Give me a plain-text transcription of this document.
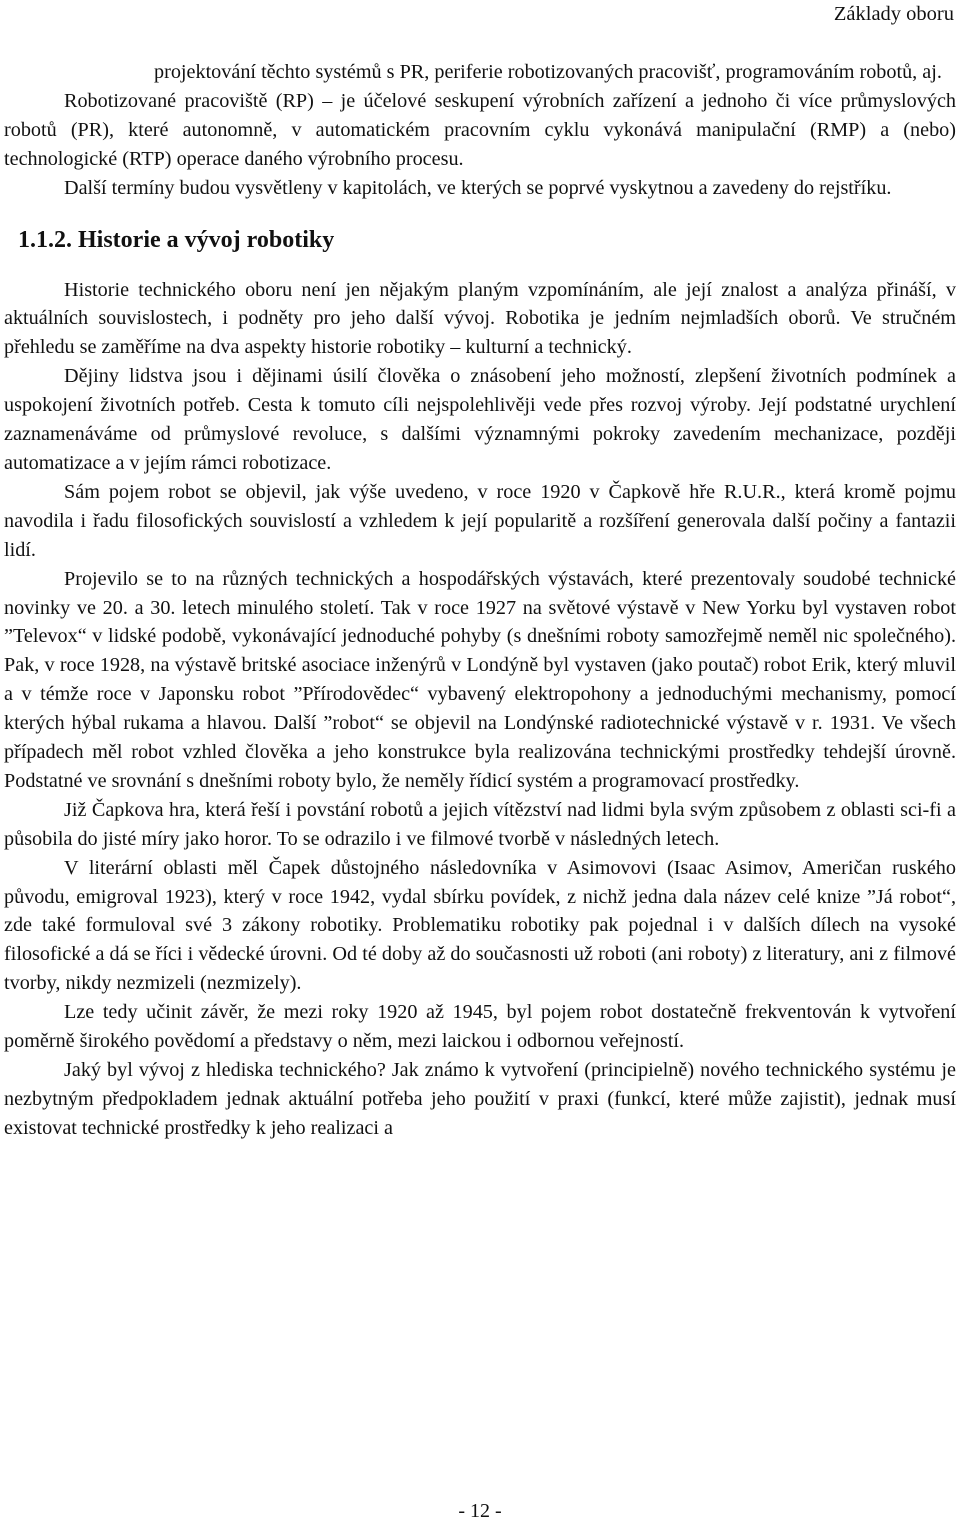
Základy oboru

projektování těchto systémů s PR, periferie robotizovaných pracovišť, programováním robotů, aj.

Robotizované pracoviště (RP) – je účelové seskupení výrobních zařízení a jednoho či více průmyslových robotů (PR), které autonomně, v automatickém pracovním cyklu vykonává manipulační (RMP) a (nebo) technologické (RTP) operace daného výrobního procesu.

Další termíny budou vysvětleny v kapitolách, ve kterých se poprvé vyskytnou a zavedeny do rejstříku.

1.1.2. Historie a vývoj robotiky

Historie technického oboru není jen nějakým planým vzpomínáním, ale její znalost a analýza přináší, v aktuálních souvislostech, i podněty pro jeho další vývoj. Robotika je jedním nejmladších oborů. Ve stručném přehledu se zaměříme na dva aspekty historie robotiky – kulturní a technický.

Dějiny lidstva jsou i dějinami úsilí člověka o znásobení jeho možností, zlepšení životních podmínek a uspokojení životních potřeb. Cesta k tomuto cíli nejspolehlivěji vede přes rozvoj výroby. Její podstatné urychlení zaznamenáváme od průmyslové revoluce, s dalšími významnými pokroky zavedením mechanizace, později automatizace a v jejím rámci robotizace.

Sám pojem robot se objevil, jak výše uvedeno, v roce 1920 v Čapkově hře R.U.R., která kromě pojmu navodila i řadu filosofických souvislostí a vzhledem k její popularitě a rozšíření generovala další počiny a fantazii lidí.

Projevilo se to na různých technických a hospodářských výstavách, které prezentovaly soudobé technické novinky ve 20. a 30. letech minulého století. Tak v roce 1927 na světové výstavě v New Yorku byl vystaven robot ”Televox“ v lidské podobě, vykonávající jednoduché pohyby (s dnešními roboty samozřejmě neměl nic společného). Pak, v roce 1928, na výstavě britské asociace inženýrů v Londýně byl vystaven (jako poutač) robot Erik, který mluvil a v témže roce v Japonsku robot ”Přírodovědec“ vybavený elektropohony a jednoduchými mechanismy, pomocí kterých hýbal rukama a hlavou. Další ”robot“ se objevil na Londýnské radiotechnické výstavě v r. 1931. Ve všech případech měl robot vzhled člověka a jeho konstrukce byla realizována technickými prostředky tehdejší úrovně. Podstatné ve srovnání s dnešními roboty bylo, že neměly řídicí systém a programovací prostředky.

Již Čapkova hra, která řeší i povstání robotů a jejich vítězství nad lidmi byla svým způsobem z oblasti sci-fi a působila do jisté míry jako horor. To se odrazilo i ve filmové tvorbě v následných letech.

V literární oblasti měl Čapek důstojného následovníka v Asimovovi (Isaac Asimov, Američan ruského původu, emigroval 1923), který v roce 1942, vydal sbírku povídek, z nichž jedna dala název celé knize ”Já robot“, zde také formuloval své 3 zákony robotiky. Problematiku robotiky pak pojednal i v dalších dílech na vysoké filosofické a dá se říci i vědecké úrovni. Od té doby až do současnosti už roboti (ani roboty) z literatury, ani z filmové tvorby, nikdy nezmizeli (nezmizely).

Lze tedy učinit závěr, že mezi roky 1920 až 1945, byl pojem robot dostatečně frekventován k vytvoření poměrně širokého povědomí a představy o něm, mezi laickou i odbornou veřejností.

Jaký byl vývoj z hlediska technického? Jak známo k vytvoření (principielně) nového technického systému je nezbytným předpokladem jednak aktuální potřeba jeho použití v praxi (funkcí, které může zajistit), jednak musí existovat technické prostředky k jeho realizaci a

- 12 -
